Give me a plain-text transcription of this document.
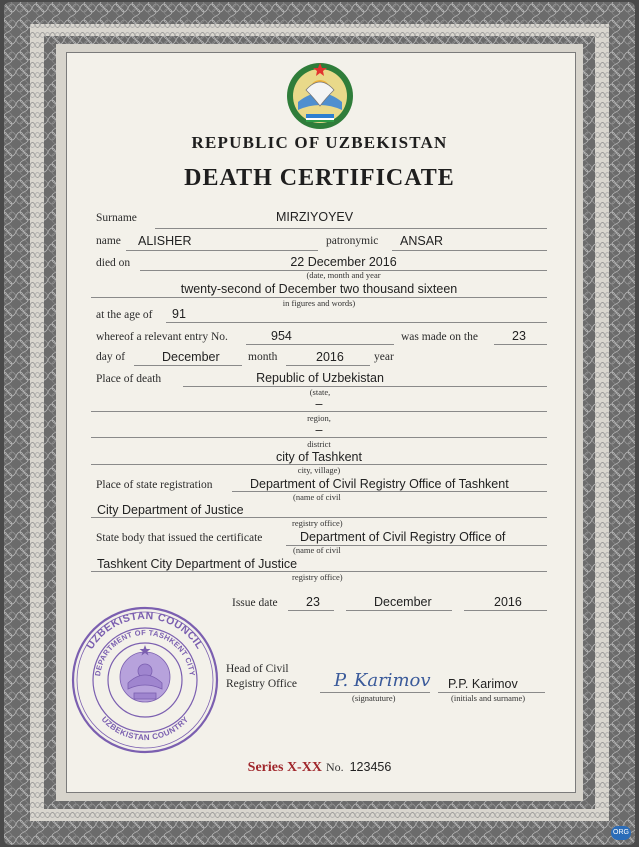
REPUBLIC OF UZBEKISTAN
DEATH CERTIFICATE
Surname	MIRZIYOYEV
name ALISHER	patronymic ANSAR
died on	22 December 2016
(date, month and year
twenty-second of December two thousand sixteen
in figures and words)
at the age of 91
whereof a relevant entry No.	954	was made on the	23
day of	December month	2016	year
Place of death	Republic of Uzbekistan
(state,
–
region,
–
district
city of Tashkent
city, village)
Place of state registration	Department of Civil Registry Office of Tashkent
(name of civil
City Department of Justice
registry office)
State body that issued the certificate	Department of Civil Registry Office of
(name of civil
Tashkent City Department of Justice
registry office)
Issue date 23	December	2016
UZBEKISTAN COUNCIL
DEPARTMENT OF TASHKENT CITY
UZBEKISTAN COUNTRY
Head of Civil
Registry Office P. Karimov
(signatuture)
P.P. Karimov
(initials and surname)
Series X-XX No. 123456
ORG
